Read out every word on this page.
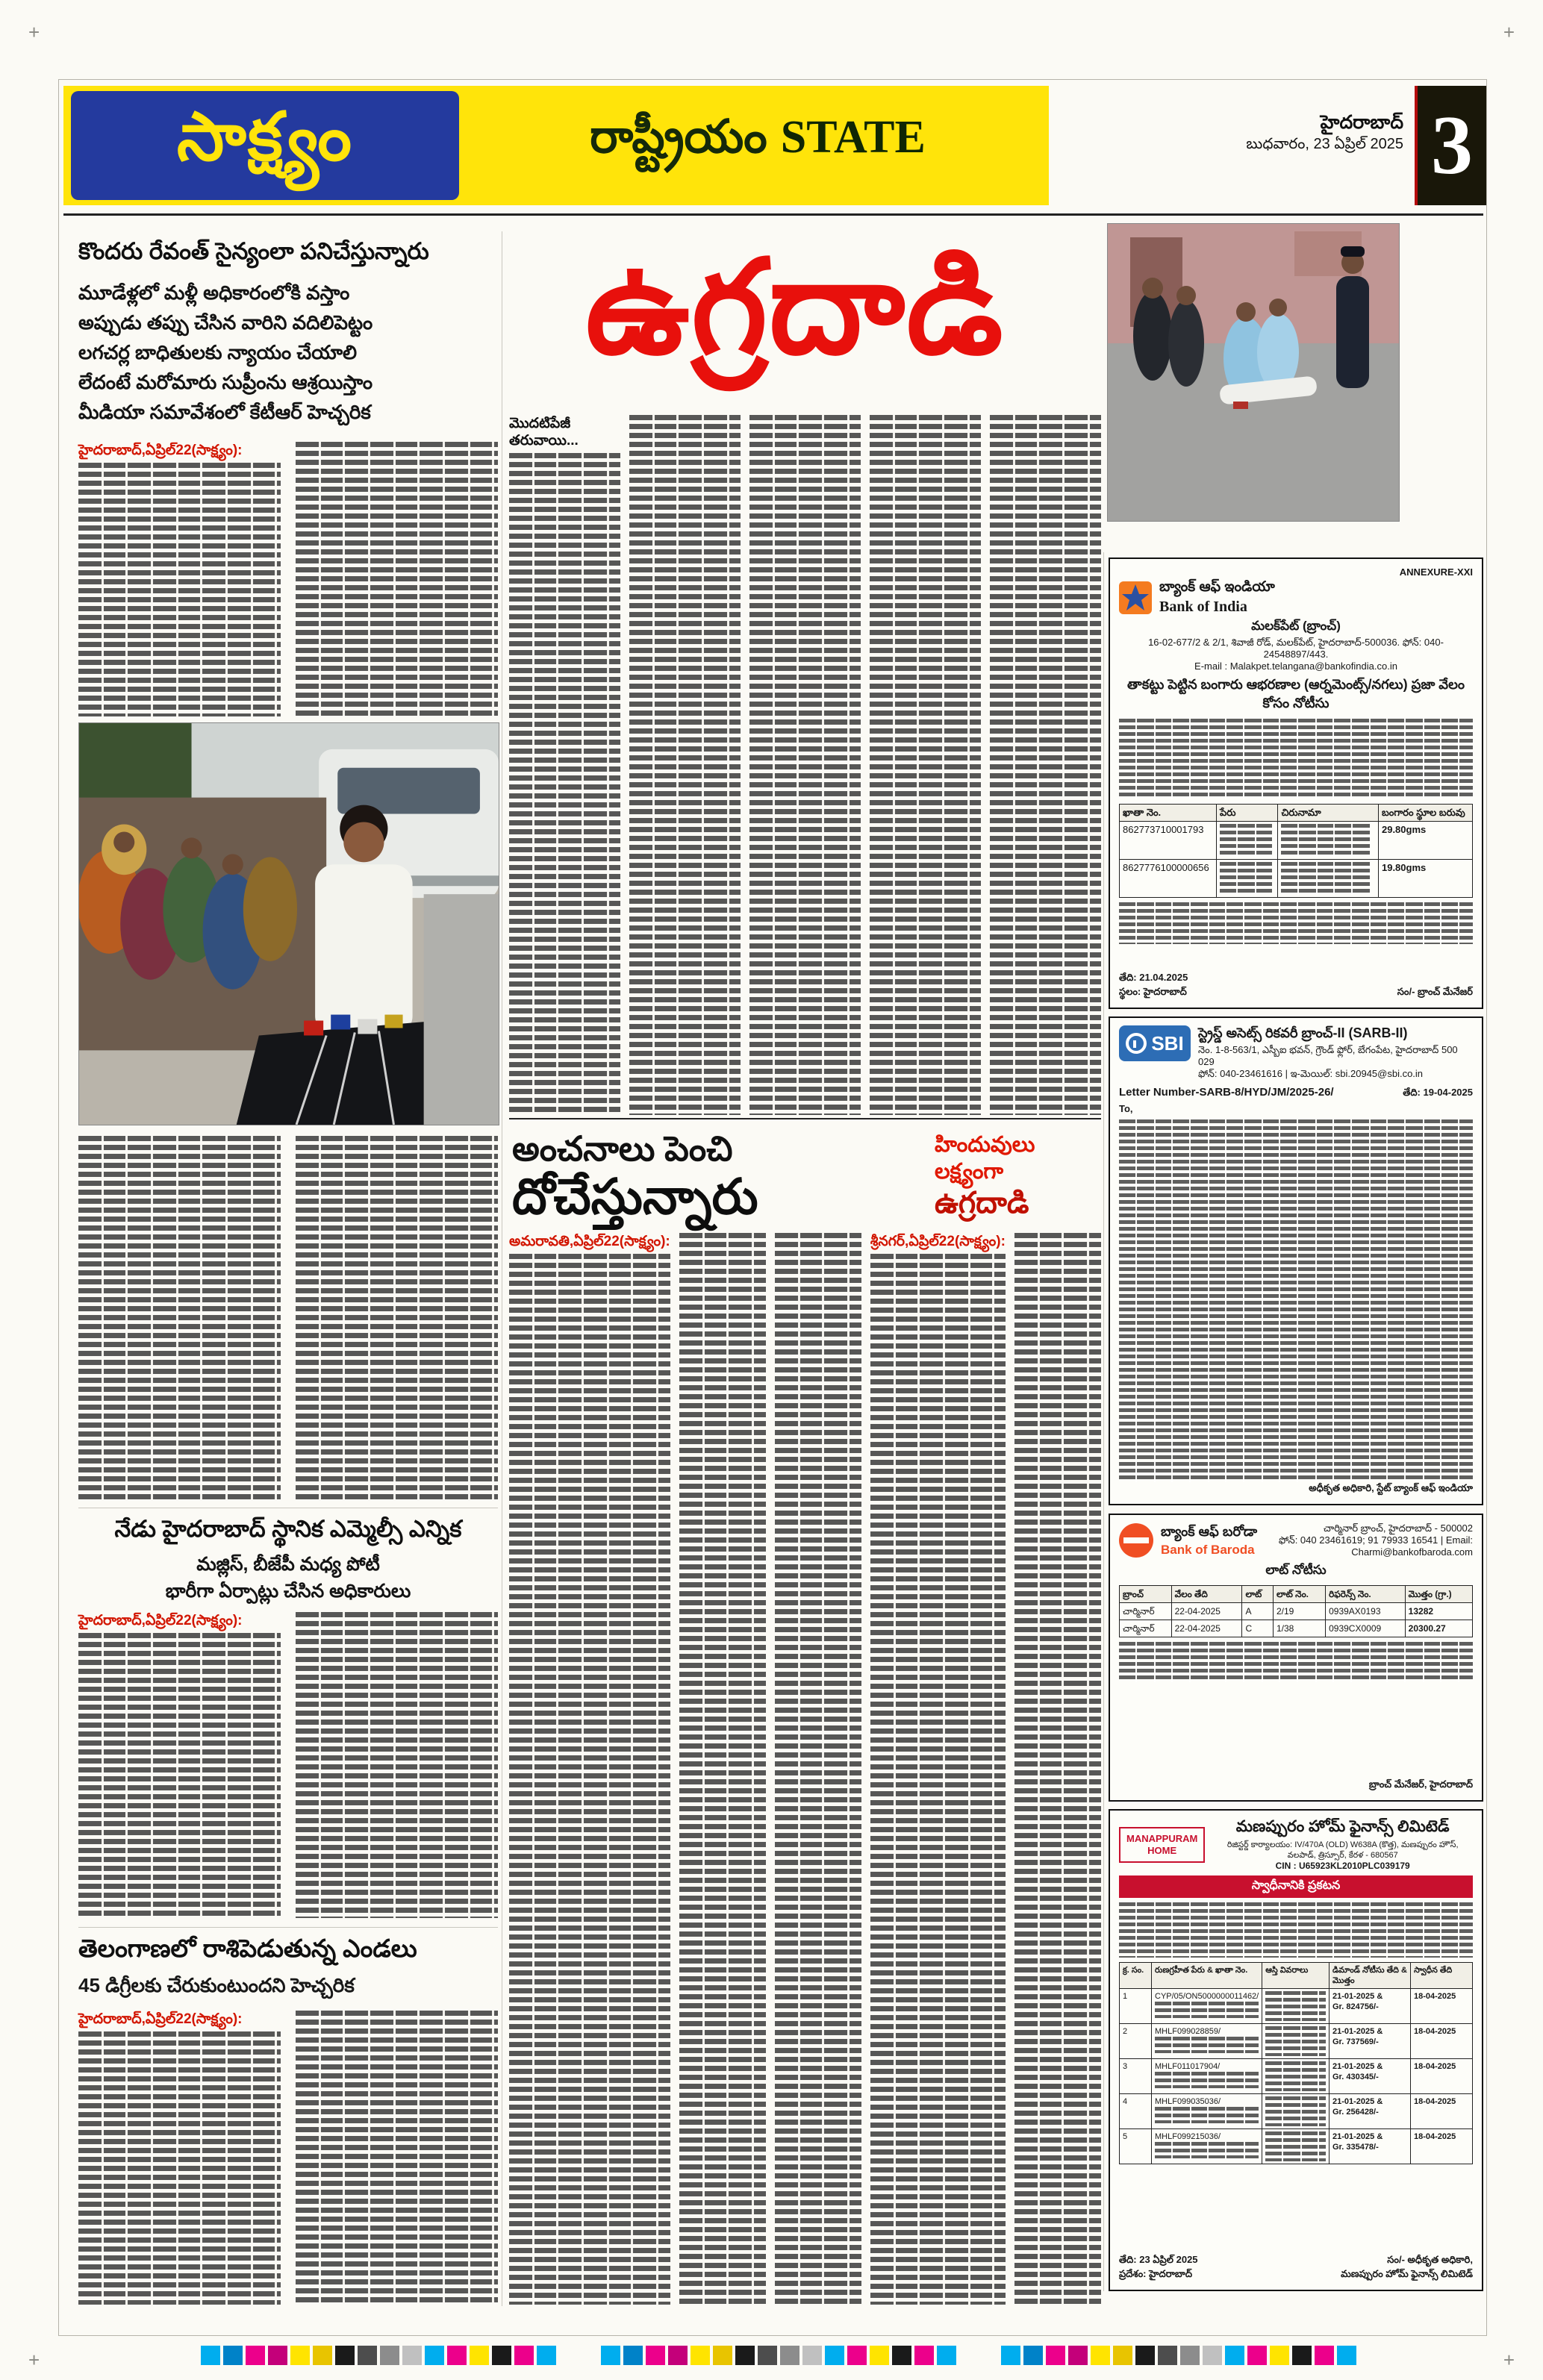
+	+
+	+
సాక్ష్యం	రాష్ట్రీయం STATE	హైదరాబాద్
బుధవారం, 23 ఏప్రిల్ 2025 3
ఉగ్రదాడి
కొందరు రేవంత్ సైన్యంలా పనిచేస్తున్నారు
మూడేళ్లలో మళ్లీ అధికారంలోకి వస్తాం
అప్పుడు తప్పు చేసిన వారిని వదిలిపెట్టం
లగచర్ల బాధితులకు న్యాయం చేయాలి
లేదంటే మరోమారు సుప్రీంను ఆశ్రయిస్తాం
మీడియా సమావేశంలో కేటీఆర్ హెచ్చరిక
హైదరాబాద్,ఏప్రిల్22(సాక్ష్యం):
నేడు హైదరాబాద్ స్థానిక ఎమ్మెల్సీ ఎన్నిక
మజ్లిస్, బీజేపీ మధ్య పోటీ
భారీగా ఏర్పాట్లు చేసిన అధికారులు
హైదరాబాద్,ఏప్రిల్22(సాక్ష్యం):
తెలంగాణలో రాశిపెడుతున్న ఎండలు
45 డిగ్రీలకు చేరుకుంటుందని హెచ్చరిక
హైదరాబాద్,ఏప్రిల్22(సాక్ష్యం):
మొదటిపేజీ తరువాయి...
అంచనాలు పెంచి
దోచేస్తున్నారు
హిందువులు లక్ష్యంగా
ఉగ్రదాడి
అమరావతి,ఏప్రిల్22(సాక్ష్యం):	శ్రీనగర్,ఏప్రిల్22(సాక్ష్యం):
ANNEXURE-XXI
బ్యాంక్ ఆఫ్ ఇండియా
Bank of India
మలక్‌పేట్ (బ్రాంచ్)
16-02-677/2 & 2/1, శివాజీ రోడ్, మలక్‌పేట్, హైదరాబాద్-500036. ఫోన్: 040-24548897/443.
E-mail : Malakpet.telangana@bankofindia.co.in
తాకట్టు పెట్టిన బంగారు ఆభరణాల (ఆర్నమెంట్స్/నగలు) ప్రజా వేలం కోసం నోటీసు
ఖాతా నెం.	పేరు	చిరునామా	బంగారం స్థూల బరువు
862773710001793			29.80gms
8627776100000656			19.80gms
తేది: 21.04.2025
స్థలం: హైదరాబాద్	సం/- బ్రాంచ్ మేనేజర్
SBI స్ట్రెస్డ్ అసెట్స్ రికవరీ బ్రాంచ్-II (SARB-II)
నెం. 1-8-563/1, ఎస్బీఐ భవన్, గ్రౌండ్ ఫ్లోర్, బేగంపేట, హైదరాబాద్ 500 029
ఫోన్: 040-23461616 | ఇ-మెయిల్: sbi.20945@sbi.co.in
Letter Number-SARB-8/HYD/JM/2025-26/	తేది: 19-04-2025
To,
అధీకృత అధికారి, స్టేట్ బ్యాంక్ ఆఫ్ ఇండియా
బ్యాంక్ ఆఫ్ బరోడా
Bank of Baroda
చార్మినార్ బ్రాంచ్, హైదరాబాద్ - 500002
ఫోన్: 040 23461619; 91 79933 16541 | Email: Charmi@bankofbaroda.com
లాట్ నోటీసు
బ్రాంచ్	వేలం తేది	లాట్	లాట్ నెం.	రిఫరెన్స్ నెం.	మొత్తం (గ్రా.)
చార్మినార్	22-04-2025	A	2/19	0939AX0193	13282
చార్మినార్	22-04-2025	C	1/38	0939CX0009	20300.27
బ్రాంచ్ మేనేజర్, హైదరాబాద్
MANAPPURAM
HOME
మణప్పురం హోమ్ ఫైనాన్స్ లిమిటెడ్
రిజిస్టర్డ్ కార్యాలయం: IV/470A (OLD) W638A (కొత్త), మణప్పురం హౌస్, వలపాడ్, త్రిస్సూర్, కేరళ - 680567
CIN : U65923KL2010PLC039179
స్వాధీనానికి ప్రకటన
క్ర. సం.	రుణగ్రహీత పేరు & ఖాతా నెం.	ఆస్తి వివరాలు	డిమాండ్ నోటీసు తేది & మొత్తం	స్వాధీన తేది
1	CYP/05/ON5000000011462/		21-01-2025 &
Gr. 824756/-	18-04-2025
2	MHLF099028859/		21-01-2025 &
Gr. 737569/-	18-04-2025
3	MHLF011017904/		21-01-2025 &
Gr. 430345/-	18-04-2025
4	MHLF099035036/		21-01-2025 &
Gr. 256428/-	18-04-2025
5	MHLF099215036/		21-01-2025 &
Gr. 335478/-	18-04-2025
తేది: 23 ఏప్రిల్ 2025
ప్రదేశం: హైదరాబాద్
సం/- అధీకృత అధికారి,
మణప్పురం హోమ్ ఫైనాన్స్ లిమిటెడ్
